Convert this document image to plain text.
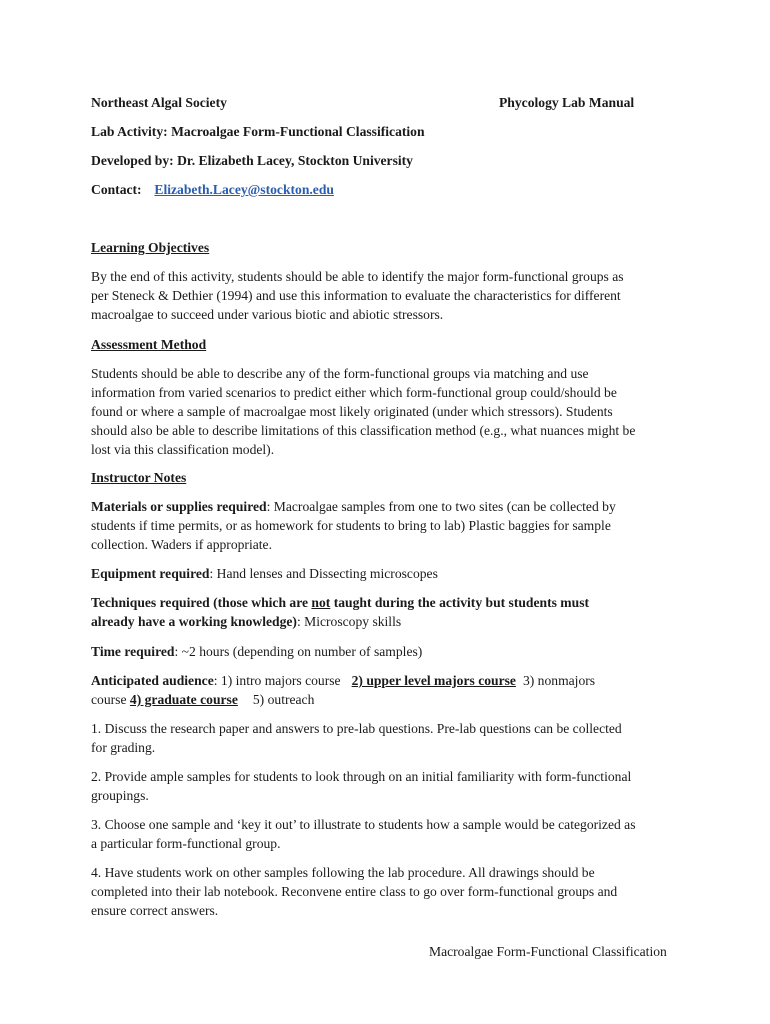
Northeast Algal Society	Phycology Lab Manual
Lab Activity: Macroalgae Form-Functional Classification
Developed by: Dr. Elizabeth Lacey, Stockton University
Contact: Elizabeth.Lacey@stockton.edu
Learning Objectives
By the end of this activity, students should be able to identify the major form-functional groups as
per Steneck & Dethier (1994) and use this information to evaluate the characteristics for different
macroalgae to succeed under various biotic and abiotic stressors.
Assessment Method
Students should be able to describe any of the form-functional groups via matching and use
information from varied scenarios to predict either which form-functional group could/should be
found or where a sample of macroalgae most likely originated (under which stressors). Students
should also be able to describe limitations of this classification method (e.g., what nuances might be
lost via this classification model).
Instructor Notes
Materials or supplies required: Macroalgae samples from one to two sites (can be collected by
students if time permits, or as homework for students to bring to lab) Plastic baggies for sample
collection. Waders if appropriate.
Equipment required: Hand lenses and Dissecting microscopes
Techniques required (those which are not taught during the activity but students must
already have a working knowledge): Microscopy skills
Time required: ~2 hours (depending on number of samples)
Anticipated audience: 1) intro majors course 2) upper level majors course 3) nonmajors
course 4) graduate course 5) outreach
1. Discuss the research paper and answers to pre-lab questions. Pre-lab questions can be collected
for grading.
2. Provide ample samples for students to look through on an initial familiarity with form-functional
groupings.
3. Choose one sample and ‘key it out’ to illustrate to students how a sample would be categorized as
a particular form-functional group.
4. Have students work on other samples following the lab procedure. All drawings should be
completed into their lab notebook. Reconvene entire class to go over form-functional groups and
ensure correct answers.
Macroalgae Form-Functional Classification
